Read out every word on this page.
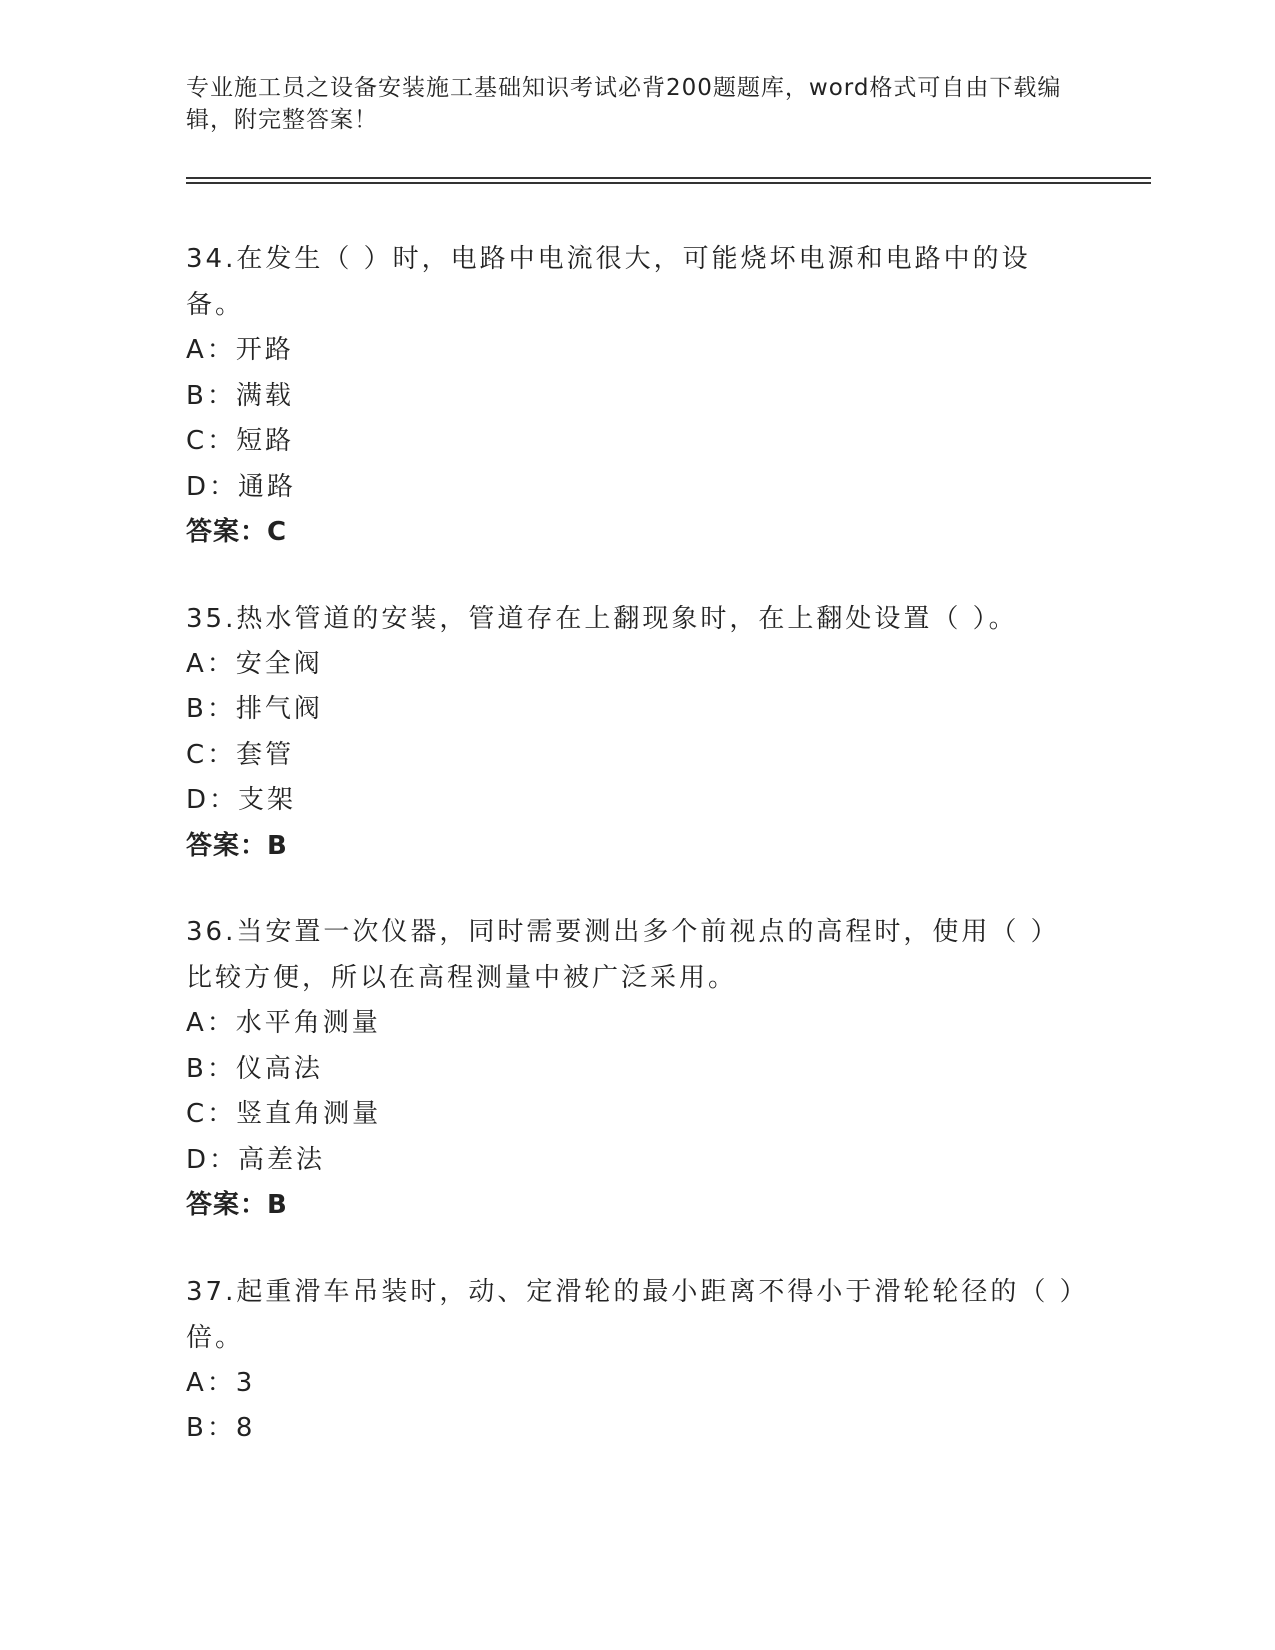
专业施工员之设备安装施工基础知识考试必背200题题库，word格式可自由下载编辑，附完整答案！

34.在发生（ ）时，电路中电流很大，可能烧坏电源和电路中的设备。

A：开路

B：满载

C：短路

D：通路

答案：C

35.热水管道的安装，管道存在上翻现象时，在上翻处设置（ ）。

A：安全阀

B：排气阀

C：套管

D：支架

答案：B

36.当安置一次仪器，同时需要测出多个前视点的高程时，使用（ ）比较方便，所以在高程测量中被广泛采用。

A：水平角测量

B：仪高法

C：竖直角测量

D：高差法

答案：B

37.起重滑车吊装时，动、定滑轮的最小距离不得小于滑轮轮径的（ ）倍。

A：3

B：8
